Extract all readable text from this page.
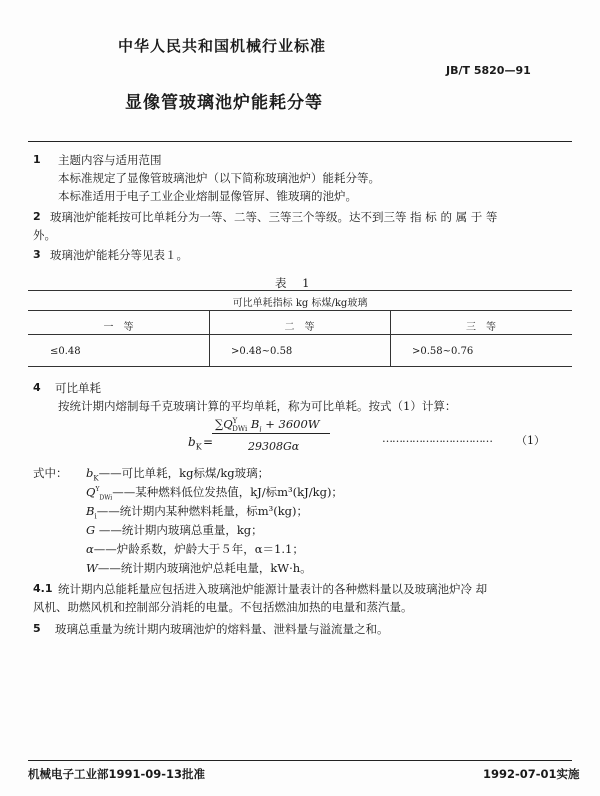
中华人民共和国机械行业标准
JB/T 5820—91
显像管玻璃池炉能耗分等
1 主题内容与适用范围
本标准规定了显像管玻璃池炉（以下简称玻璃池炉）能耗分等。
本标准适用于电子工业企业熔制显像管屏、锥玻璃的池炉。
2 玻璃池炉能耗按可比单耗分为一等、二等、三等三个等级。达不到三等 指 标 的 属 于 等
外。
3 玻璃池炉能耗分等见表１。
表 1
可比单耗指标 kg 标煤/kg玻璃
一　等	二　等	三　等
≤0.48	>0.48~0.58	>0.58~0.76
4 可比单耗
按统计期内熔制每千克玻璃计算的平均单耗，称为可比单耗。按式（1）计算：
$b_K$ =
$\sum Q^Y_{DWi}$ $B_i + 3600W$
29308Gα
…………………………… （1）
式中： $b_K——$可比单耗，kg标煤/kg玻璃；
$Q^Y_{DWi}——$某种燃料低位发热值，kJ/标m³(kJ/kg)；
$B_i——$统计期内某种燃料耗量，标m³(kg)；
G ——统计期内玻璃总重量，kg；
α——炉龄系数，炉龄大于５年，α＝1.1；
W——统计期内玻璃池炉总耗电量，kW·h。
4.1 统计期内总能耗量应包括进入玻璃池炉能源计量表计的各种燃料量以及玻璃池炉冷 却
风机、助燃风机和控制部分消耗的电量。不包括燃油加热的电量和蒸汽量。
5 玻璃总重量为统计期内玻璃池炉的熔料量、泄料量与溢流量之和。
机械电子工业部1991-09-13批准	1992-07-01实施
